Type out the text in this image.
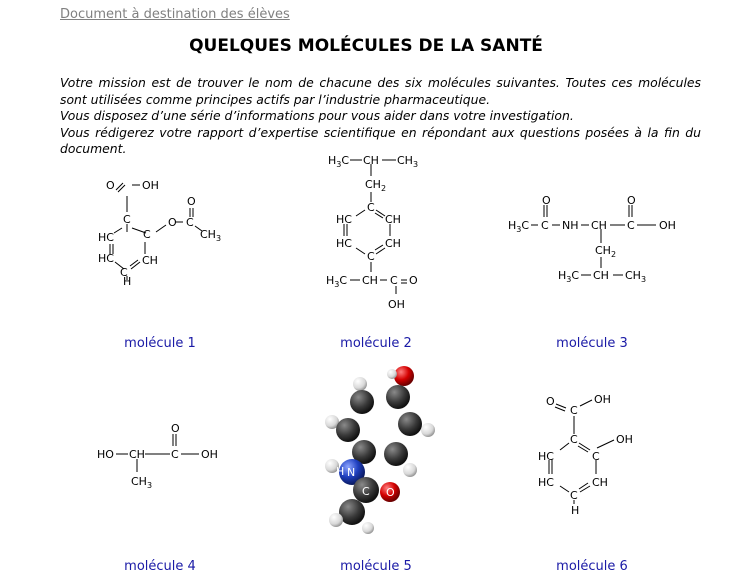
Document à destination des élèves
QUELQUES MOLÉCULES DE LA SANTÉ

Votre mission est de trouver le nom de chacune des six molécules suivantes. Toutes ces molécules sont utilisées comme principes actifs par l’industrie pharmaceutique.

Vous disposez d’une série d’informations pour vous aider dans votre investigation.

Vous rédigerez votre rapport d’expertise scientifique en répondant aux questions posées à la fin du document.

O OH
C
HC	C
HC	CH
C
H
O
O
C
$CH_3$
molécule 1
$H_3C$ CH $CH_3$
$CH_2$
C
HC	CH
HC	CH
C
$H_3C$ CH C O
OH
molécule 2
$H_3C$
O
C NH CH
O
C OH
$CH_2$
$H_3C$ CH $CH_3$
molécule 3
HO CH
O
C OH
$CH_3$
molécule 4
H N
C O
molécule 5
O
C
OH
C	OH
HC	C
HC	CH
C
H
molécule 6
